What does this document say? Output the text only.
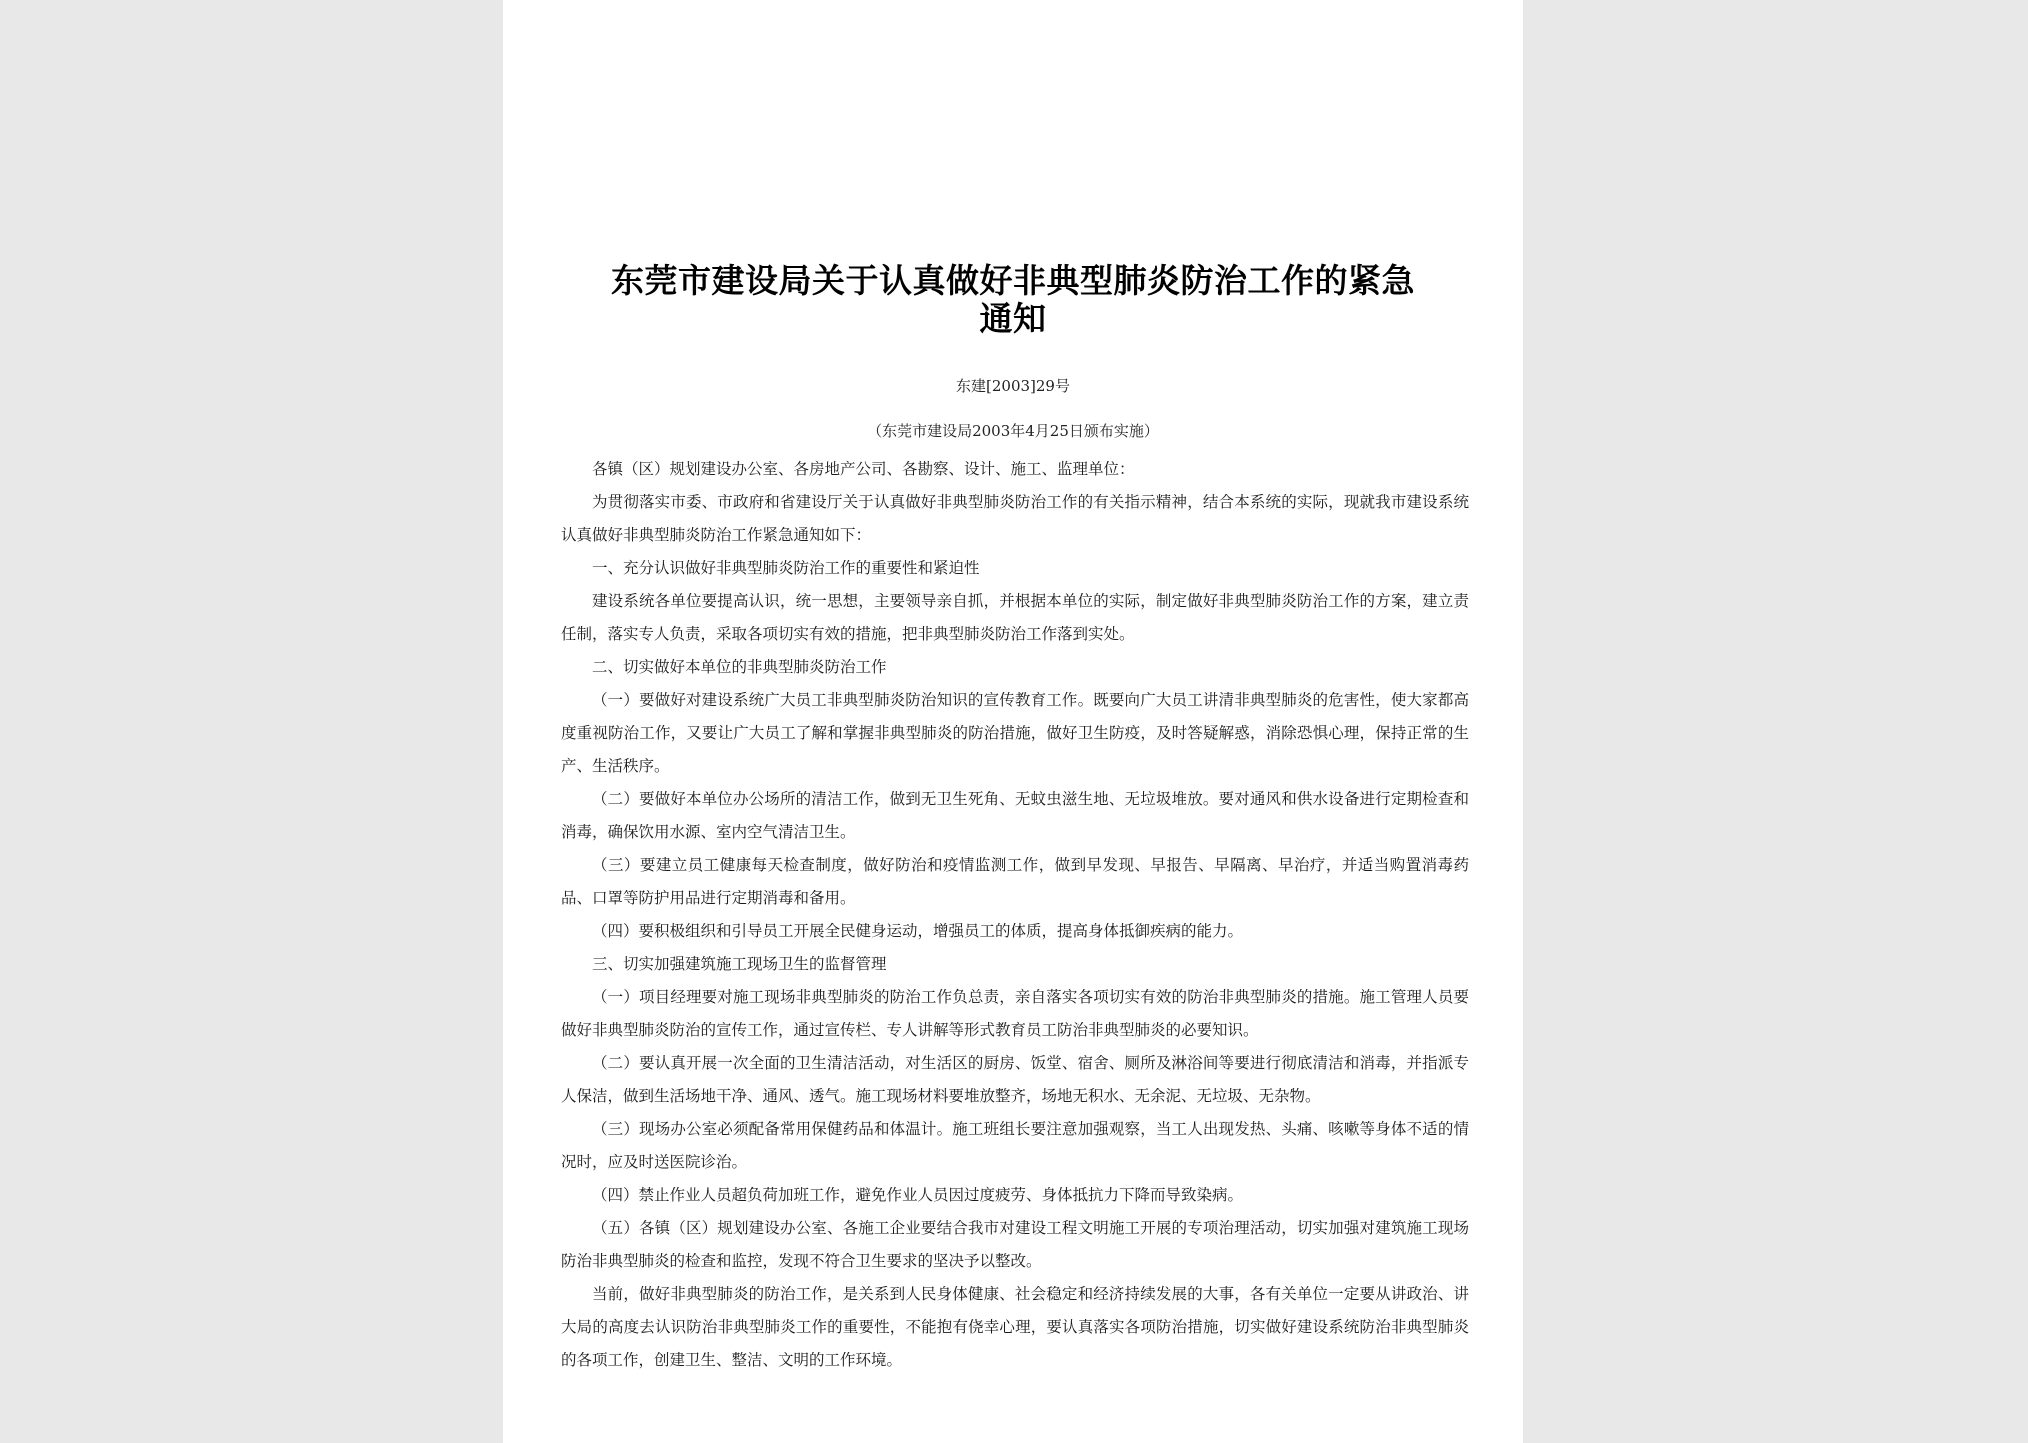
东莞市建设局关于认真做好非典型肺炎防治工作的紧急通知
东建[2003]29号
（东莞市建设局2003年4月25日颁布实施）

各镇（区）规划建设办公室、各房地产公司、各勘察、设计、施工、监理单位：

为贯彻落实市委、市政府和省建设厅关于认真做好非典型肺炎防治工作的有关指示精神，结合本系统的实际，现就我市建设系统认真做好非典型肺炎防治工作紧急通知如下：

一、充分认识做好非典型肺炎防治工作的重要性和紧迫性

建设系统各单位要提高认识，统一思想，主要领导亲自抓，并根据本单位的实际，制定做好非典型肺炎防治工作的方案，建立责任制，落实专人负责，采取各项切实有效的措施，把非典型肺炎防治工作落到实处。

二、切实做好本单位的非典型肺炎防治工作

（一）要做好对建设系统广大员工非典型肺炎防治知识的宣传教育工作。既要向广大员工讲清非典型肺炎的危害性，使大家都高度重视防治工作，又要让广大员工了解和掌握非典型肺炎的防治措施，做好卫生防疫，及时答疑解惑，消除恐惧心理，保持正常的生产、生活秩序。

（二）要做好本单位办公场所的清洁工作，做到无卫生死角、无蚊虫滋生地、无垃圾堆放。要对通风和供水设备进行定期检查和消毒，确保饮用水源、室内空气清洁卫生。

（三）要建立员工健康每天检查制度，做好防治和疫情监测工作，做到早发现、早报告、早隔离、早治疗，并适当购置消毒药品、口罩等防护用品进行定期消毒和备用。

（四）要积极组织和引导员工开展全民健身运动，增强员工的体质，提高身体抵御疾病的能力。

三、切实加强建筑施工现场卫生的监督管理

（一）项目经理要对施工现场非典型肺炎的防治工作负总责，亲自落实各项切实有效的防治非典型肺炎的措施。施工管理人员要做好非典型肺炎防治的宣传工作，通过宣传栏、专人讲解等形式教育员工防治非典型肺炎的必要知识。

（二）要认真开展一次全面的卫生清洁活动，对生活区的厨房、饭堂、宿舍、厕所及淋浴间等要进行彻底清洁和消毒，并指派专人保洁，做到生活场地干净、通风、透气。施工现场材料要堆放整齐，场地无积水、无余泥、无垃圾、无杂物。

（三）现场办公室必须配备常用保健药品和体温计。施工班组长要注意加强观察，当工人出现发热、头痛、咳嗽等身体不适的情况时，应及时送医院诊治。

（四）禁止作业人员超负荷加班工作，避免作业人员因过度疲劳、身体抵抗力下降而导致染病。

（五）各镇（区）规划建设办公室、各施工企业要结合我市对建设工程文明施工开展的专项治理活动，切实加强对建筑施工现场防治非典型肺炎的检查和监控，发现不符合卫生要求的坚决予以整改。

当前，做好非典型肺炎的防治工作，是关系到人民身体健康、社会稳定和经济持续发展的大事，各有关单位一定要从讲政治、讲大局的高度去认识防治非典型肺炎工作的重要性，不能抱有侥幸心理，要认真落实各项防治措施，切实做好建设系统防治非典型肺炎的各项工作，创建卫生、整洁、文明的工作环境。
